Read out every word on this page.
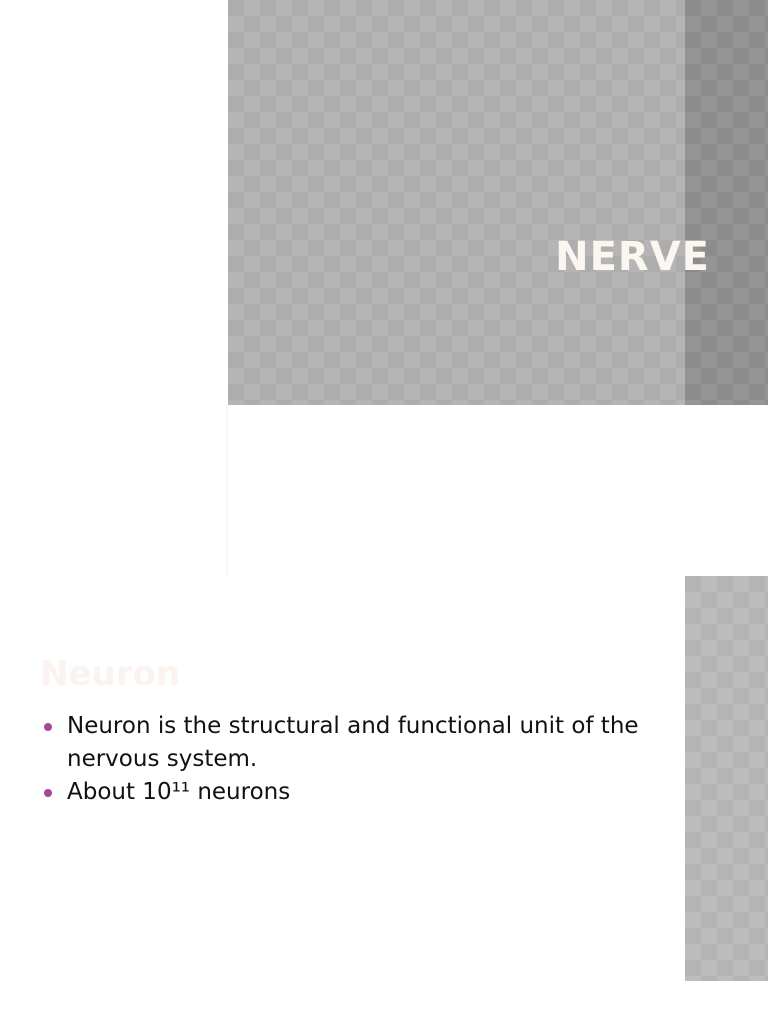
NERVE
Neuron
Neuron is the structural and functional unit of the nervous system.
About 10¹¹ neurons
